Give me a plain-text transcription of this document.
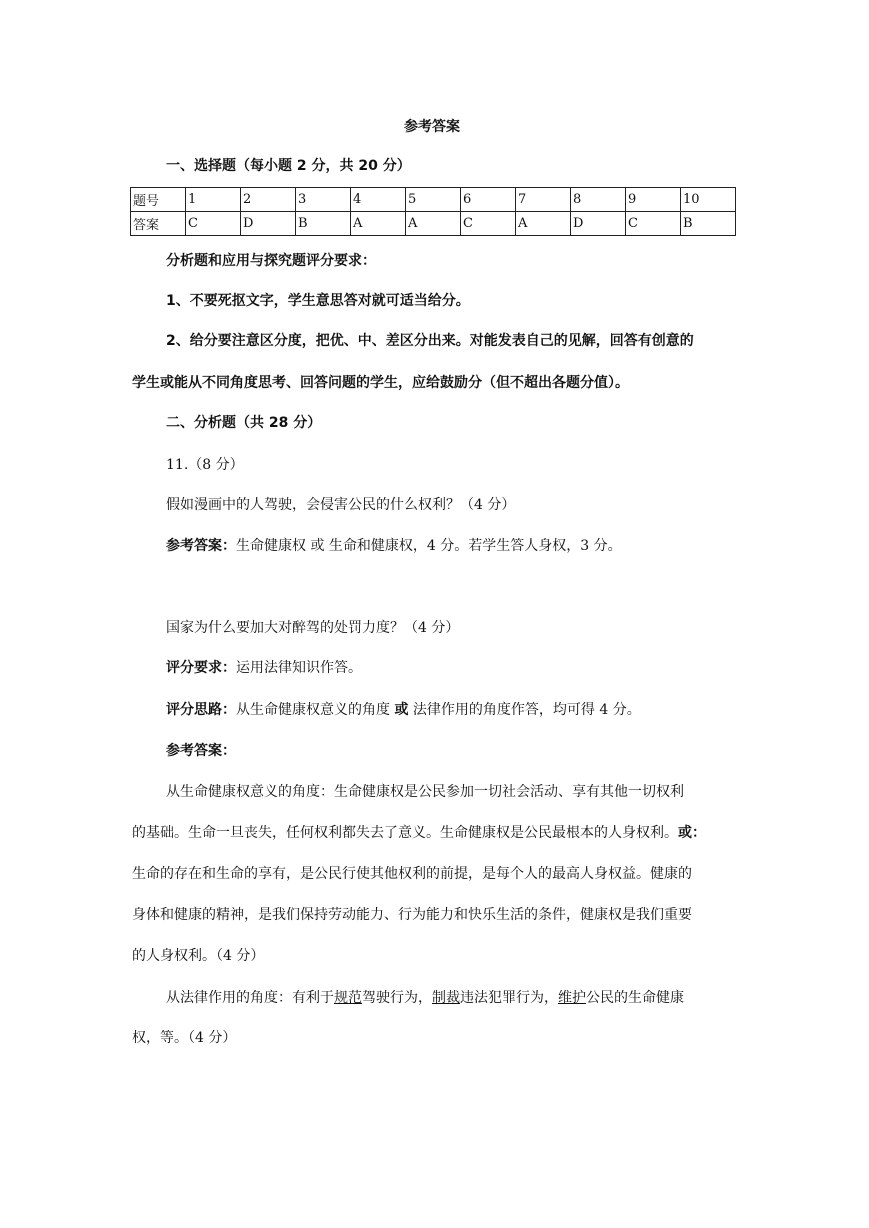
参考答案
一、选择题（每小题 2 分，共 20 分）
题号	1	2	3	4	5	6	7	8	9	10
答案	C	D	B	A	A	C	A	D	C	B
分析题和应用与探究题评分要求：
1、不要死抠文字，学生意思答对就可适当给分。
2、给分要注意区分度，把优、中、差区分出来。对能发表自己的见解，回答有创意的
学生或能从不同角度思考、回答问题的学生，应给鼓励分（但不超出各题分值）。
二、分析题（共 28 分）
11.（8 分）
假如漫画中的人驾驶，会侵害公民的什么权利？（4 分）
参考答案：生命健康权 或 生命和健康权，4 分。若学生答人身权，3 分。
国家为什么要加大对醉驾的处罚力度？（4 分）
评分要求：运用法律知识作答。
评分思路：从生命健康权意义的角度 或 法律作用的角度作答，均可得 4 分。
参考答案：
从生命健康权意义的角度：生命健康权是公民参加一切社会活动、享有其他一切权利
的基础。生命一旦丧失，任何权利都失去了意义。生命健康权是公民最根本的人身权利。或：
生命的存在和生命的享有，是公民行使其他权利的前提，是每个人的最高人身权益。健康的
身体和健康的精神，是我们保持劳动能力、行为能力和快乐生活的条件，健康权是我们重要
的人身权利。（4 分）
从法律作用的角度：有利于规范驾驶行为，制裁违法犯罪行为，维护公民的生命健康
权，等。（4 分）
